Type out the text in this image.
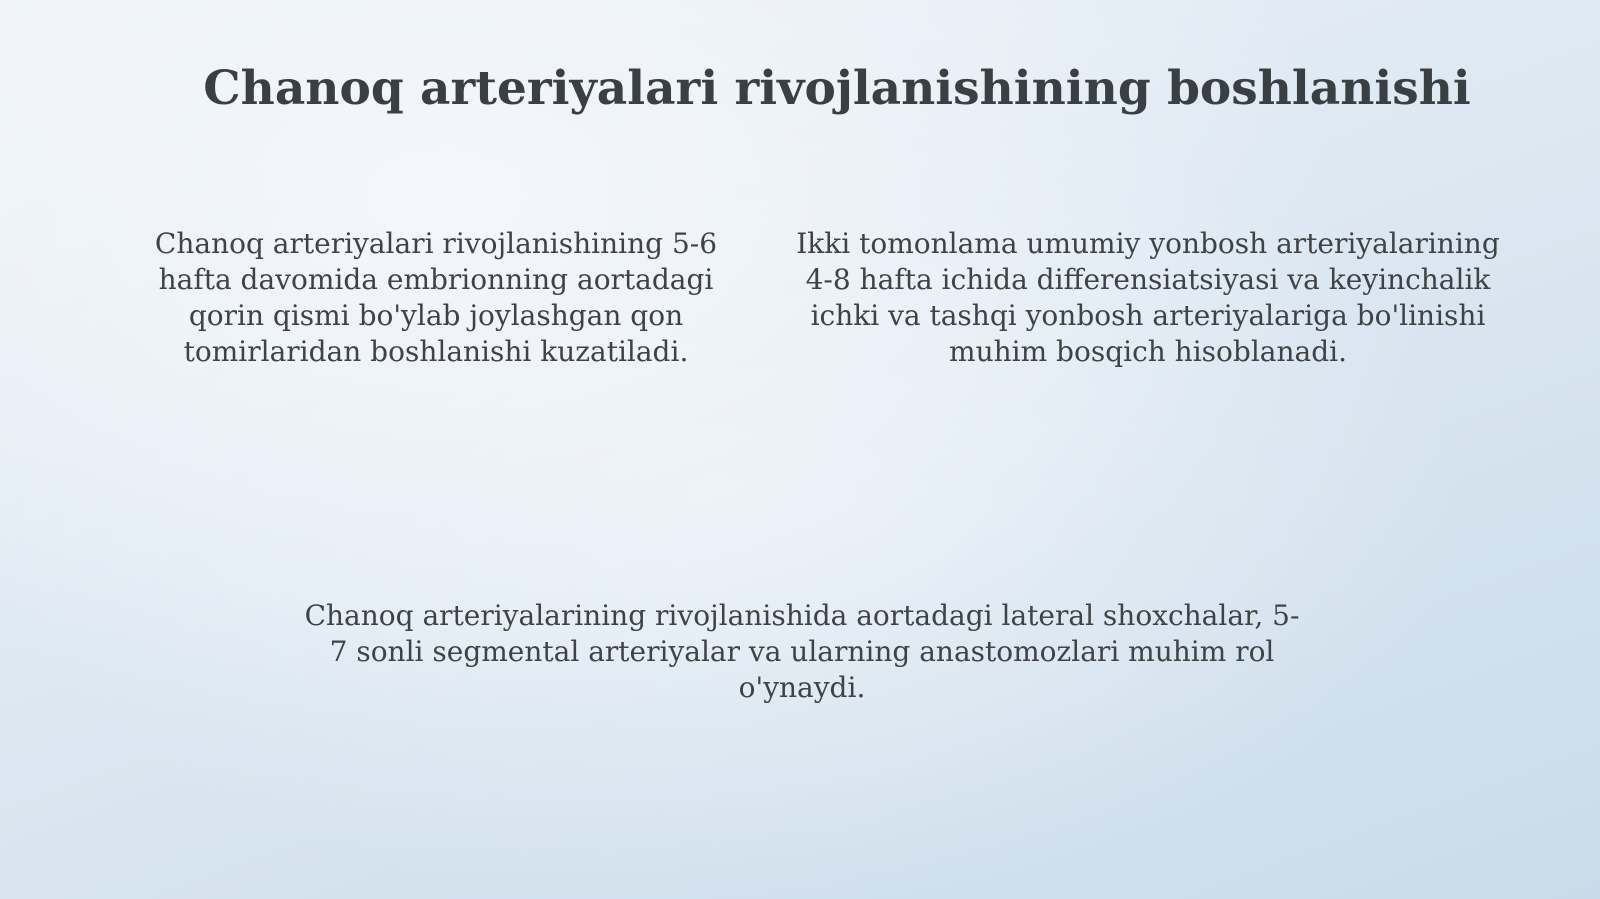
Chanoq arteriyalari rivojlanishining boshlanishi

Chanoq arteriyalari rivojlanishining 5-6 hafta davomida embrionning aortadagi qorin qismi bo'ylab joylashgan qon tomirlaridan boshlanishi kuzatiladi.

Ikki tomonlama umumiy yonbosh arteriyalarining 4-8 hafta ichida differensiatsiyasi va keyinchalik ichki va tashqi yonbosh arteriyalariga bo'linishi muhim bosqich hisoblanadi.

Chanoq arteriyalarining rivojlanishida aortadagi lateral shoxchalar, 5-7 sonli segmental arteriyalar va ularning anastomozlari muhim rol o'ynaydi.
